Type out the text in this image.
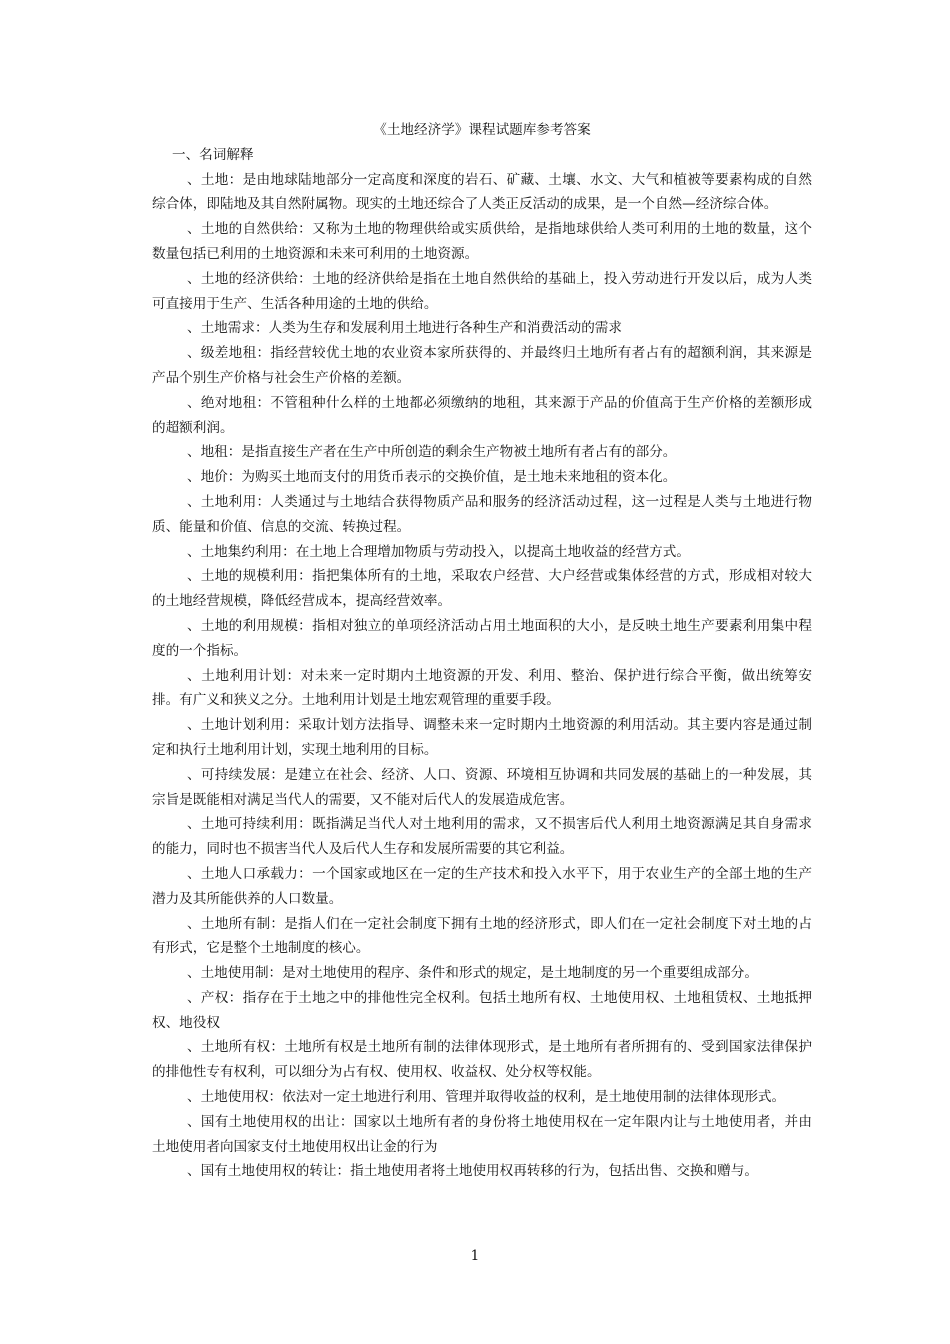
《土地经济学》课程试题库参考答案

一、名词解释

、土地：是由地球陆地部分一定高度和深度的岩石、矿藏、土壤、水文、大气和植被等要素构成的自然综合体，即陆地及其自然附属物。现实的土地还综合了人类正反活动的成果，是一个自然—经济综合体。

、土地的自然供给：又称为土地的物理供给或实质供给，是指地球供给人类可利用的土地的数量，这个数量包括已利用的土地资源和未来可利用的土地资源。

、土地的经济供给：土地的经济供给是指在土地自然供给的基础上，投入劳动进行开发以后，成为人类可直接用于生产、生活各种用途的土地的供给。

、土地需求：人类为生存和发展利用土地进行各种生产和消费活动的需求

、级差地租：指经营较优土地的农业资本家所获得的、并最终归土地所有者占有的超额利润，其来源是产品个别生产价格与社会生产价格的差额。

、绝对地租：不管租种什么样的土地都必须缴纳的地租，其来源于产品的价值高于生产价格的差额形成的超额利润。

、地租：是指直接生产者在生产中所创造的剩余生产物被土地所有者占有的部分。

、地价：为购买土地而支付的用货币表示的交换价值，是土地未来地租的资本化。

、土地利用：人类通过与土地结合获得物质产品和服务的经济活动过程，这一过程是人类与土地进行物质、能量和价值、信息的交流、转换过程。

、土地集约利用：在土地上合理增加物质与劳动投入，以提高土地收益的经营方式。

、土地的规模利用：指把集体所有的土地，采取农户经营、大户经营或集体经营的方式，形成相对较大的土地经营规模，降低经营成本，提高经营效率。

、土地的利用规模：指相对独立的单项经济活动占用土地面积的大小，是反映土地生产要素利用集中程度的一个指标。

、土地利用计划：对未来一定时期内土地资源的开发、利用、整治、保护进行综合平衡，做出统筹安排。有广义和狭义之分。土地利用计划是土地宏观管理的重要手段。

、土地计划利用：采取计划方法指导、调整未来一定时期内土地资源的利用活动。其主要内容是通过制定和执行土地利用计划，实现土地利用的目标。

、可持续发展：是建立在社会、经济、人口、资源、环境相互协调和共同发展的基础上的一种发展，其宗旨是既能相对满足当代人的需要，又不能对后代人的发展造成危害。

、土地可持续利用：既指满足当代人对土地利用的需求，又不损害后代人利用土地资源满足其自身需求的能力，同时也不损害当代人及后代人生存和发展所需要的其它利益。

、土地人口承载力：一个国家或地区在一定的生产技术和投入水平下，用于农业生产的全部土地的生产潜力及其所能供养的人口数量。

、土地所有制：是指人们在一定社会制度下拥有土地的经济形式，即人们在一定社会制度下对土地的占有形式，它是整个土地制度的核心。

、土地使用制：是对土地使用的程序、条件和形式的规定，是土地制度的另一个重要组成部分。

、产权：指存在于土地之中的排他性完全权利。包括土地所有权、土地使用权、土地租赁权、土地抵押权、地役权

、土地所有权：土地所有权是土地所有制的法律体现形式，是土地所有者所拥有的、受到国家法律保护的排他性专有权利，可以细分为占有权、使用权、收益权、处分权等权能。

、土地使用权：依法对一定土地进行利用、管理并取得收益的权利，是土地使用制的法律体现形式。

、国有土地使用权的出让：国家以土地所有者的身份将土地使用权在一定年限内让与土地使用者，并由土地使用者向国家支付土地使用权出让金的行为

、国有土地使用权的转让：指土地使用者将土地使用权再转移的行为，包括出售、交换和赠与。

1
